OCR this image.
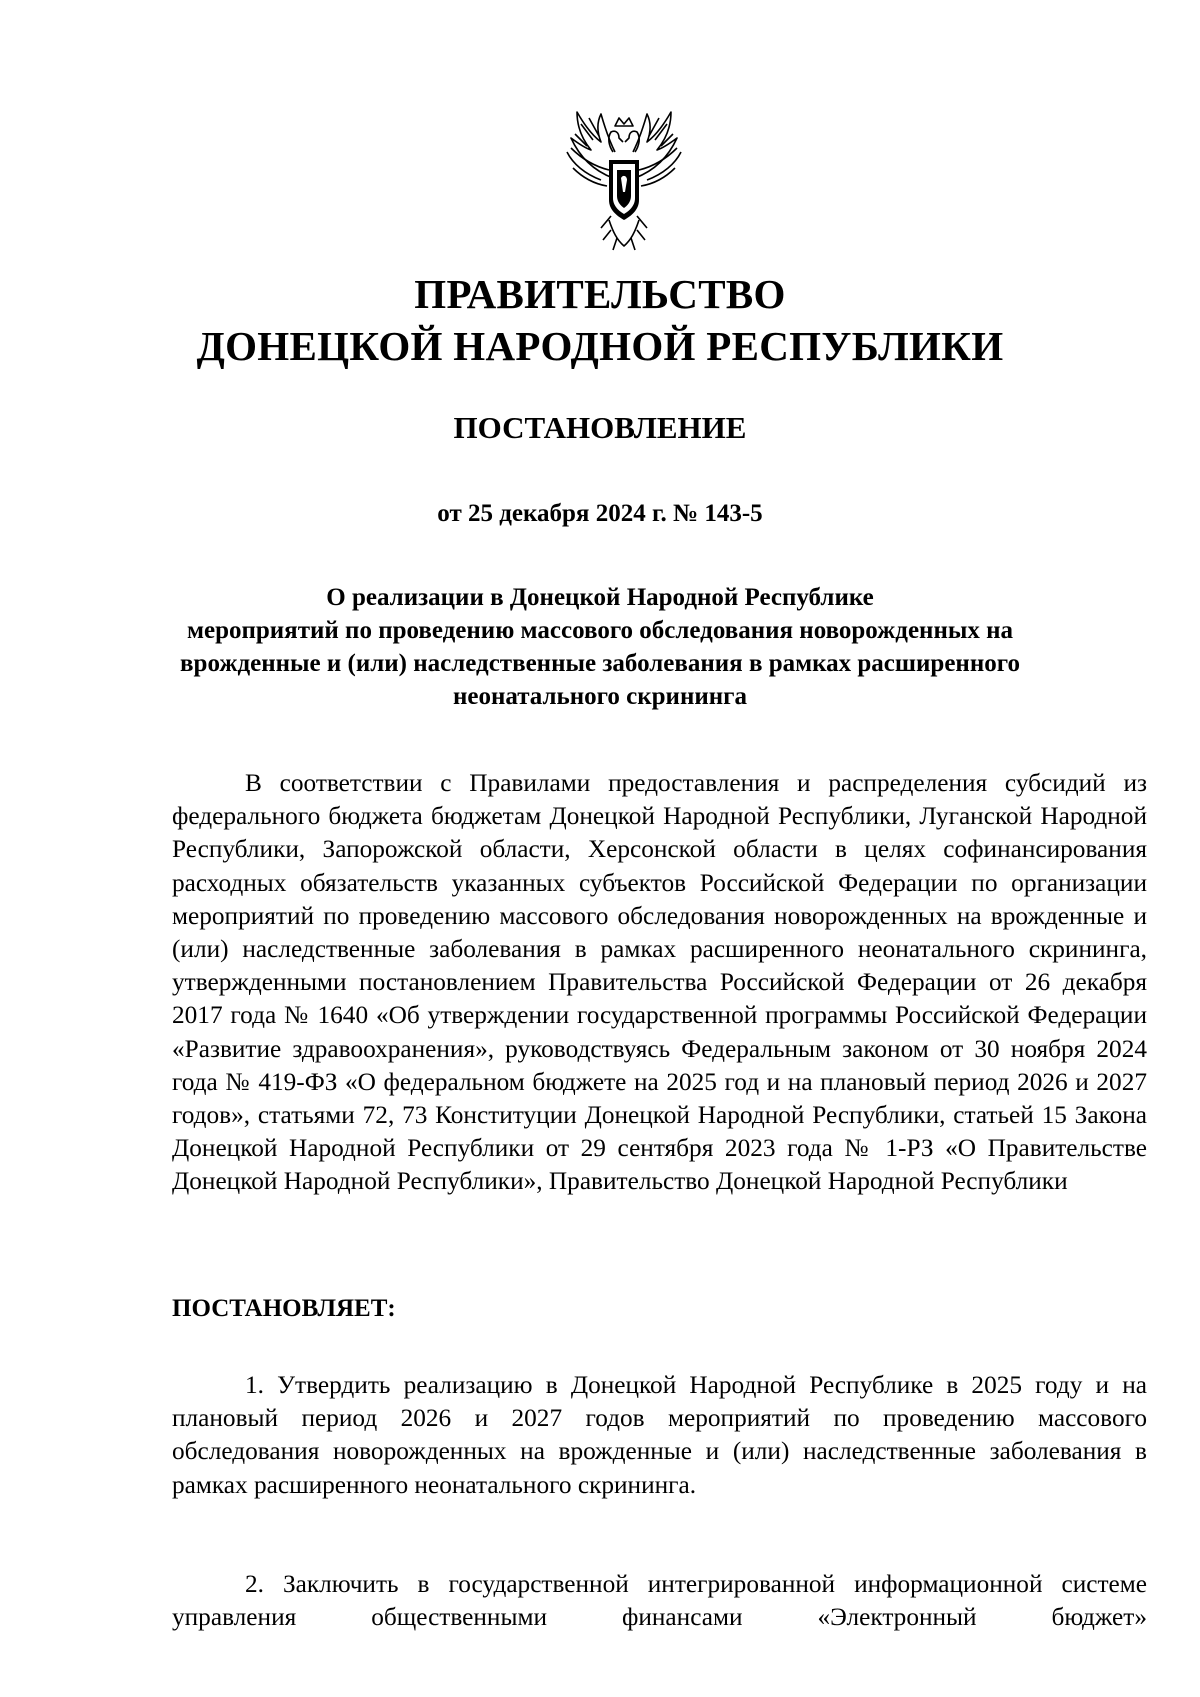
ПРАВИТЕЛЬСТВО
ДОНЕЦКОЙ НАРОДНОЙ РЕСПУБЛИКИ
ПОСТАНОВЛЕНИЕ
от 25 декабря 2024 г. № 143-5
О реализации в Донецкой Народной Республике
мероприятий по проведению массового обследования новорожденных на
врожденные и (или) наследственные заболевания в рамках расширенного
неонатального скрининга

В соответствии с Правилами предоставления и распределения субсидий из федерального бюджета бюджетам Донецкой Народной Республики, Луганской Народной Республики, Запорожской области, Херсонской области в целях софинансирования расходных обязательств указанных субъектов Российской Федерации по организации мероприятий по проведению массового обследования новорожденных на врожденные и (или) наследственные заболевания в рамках расширенного неонатального скрининга, утвержденными постановлением Правительства Российской Федерации от 26 декабря 2017 года № 1640 «Об утверждении государственной программы Российской Федерации «Развитие здравоохранения», руководствуясь Федеральным законом от 30 ноября 2024 года № 419-ФЗ «О федеральном бюджете на 2025 год и на плановый период 2026 и 2027 годов», статьями 72, 73 Конституции Донецкой Народной Республики, статьей 15 Закона Донецкой Народной Республики от 29 сентября 2023 года № 1-РЗ «О Правительстве Донецкой Народной Республики», Правительство Донецкой Народной Республики

ПОСТАНОВЛЯЕТ:

1. Утвердить реализацию в Донецкой Народной Республике в 2025 году и на плановый период 2026 и 2027 годов мероприятий по проведению массового обследования новорожденных на врожденные и (или) наследственные заболевания в рамках расширенного неонатального скрининга.

2. Заключить в государственной интегрированной информационной системе управления общественными финансами «Электронный бюджет»
